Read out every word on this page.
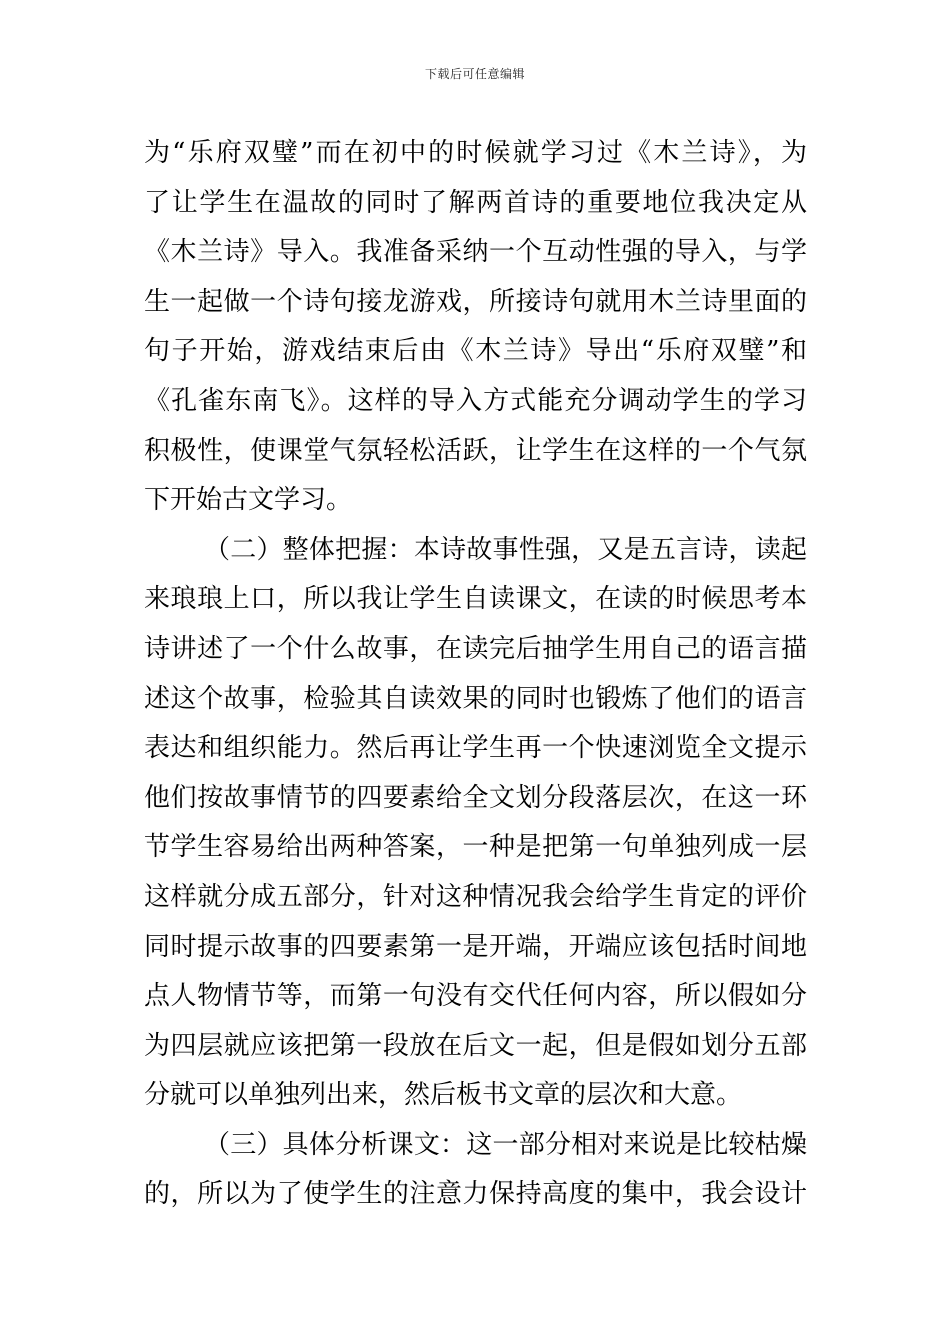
下载后可任意编辑
为“乐府双璧”而在初中的时候就学习过《木兰诗》，为
了让学生在温故的同时了解两首诗的重要地位我决定从
《木兰诗》导入。我准备采纳一个互动性强的导入，与学
生一起做一个诗句接龙游戏，所接诗句就用木兰诗里面的
句子开始，游戏结束后由《木兰诗》导出“乐府双璧”和
《孔雀东南飞》。这样的导入方式能充分调动学生的学习
积极性，使课堂气氛轻松活跃，让学生在这样的一个气氛
下开始古文学习。
（二）整体把握：本诗故事性强，又是五言诗，读起
来琅琅上口，所以我让学生自读课文，在读的时候思考本
诗讲述了一个什么故事，在读完后抽学生用自己的语言描
述这个故事，检验其自读效果的同时也锻炼了他们的语言
表达和组织能力。然后再让学生再一个快速浏览全文提示
他们按故事情节的四要素给全文划分段落层次，在这一环
节学生容易给出两种答案，一种是把第一句单独列成一层
这样就分成五部分，针对这种情况我会给学生肯定的评价
同时提示故事的四要素第一是开端，开端应该包括时间地
点人物情节等，而第一句没有交代任何内容，所以假如分
为四层就应该把第一段放在后文一起，但是假如划分五部
分就可以单独列出来，然后板书文章的层次和大意。
（三）具体分析课文：这一部分相对来说是比较枯燥
的，所以为了使学生的注意力保持高度的集中，我会设计
